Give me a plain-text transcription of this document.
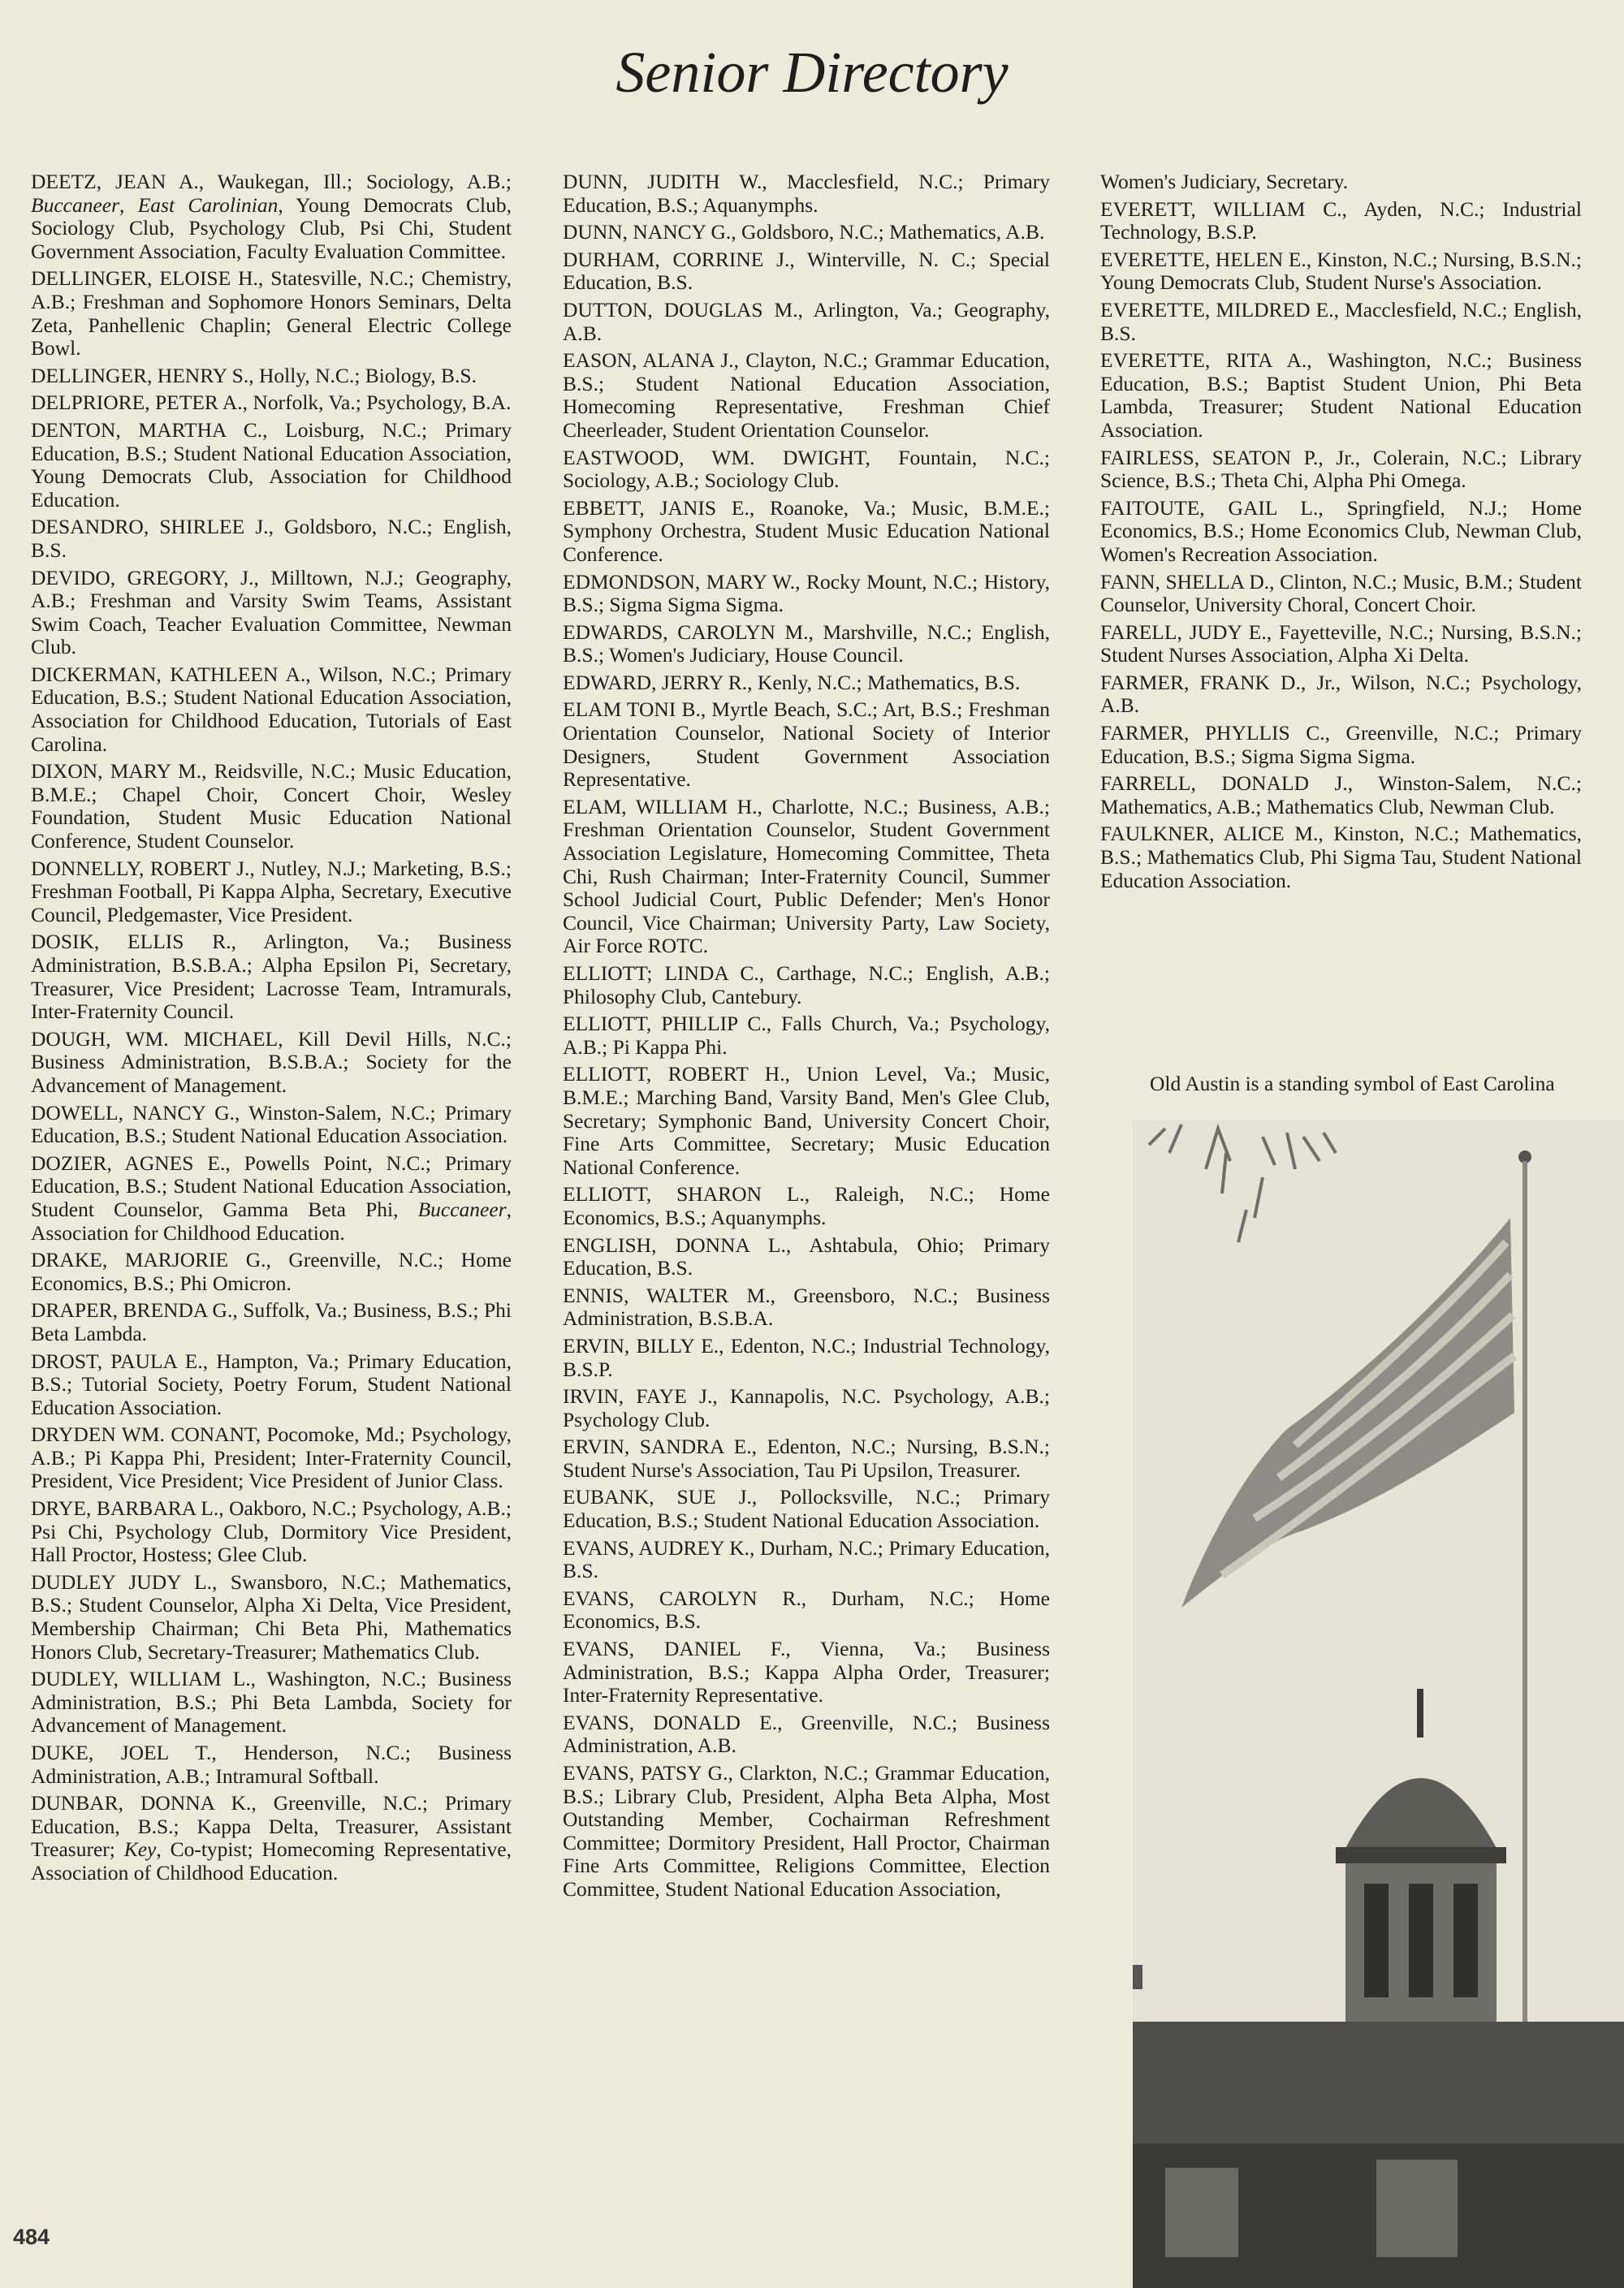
Senior Directory
DEETZ, JEAN A., Waukegan, Ill.; Sociology, A.B.; Buccaneer, East Carolinian, Young Democrats Club, Sociology Club, Psychology Club, Psi Chi, Student Government Association, Faculty Evaluation Committee.
DELLINGER, ELOISE H., Statesville, N.C.; Chemistry, A.B.; Freshman and Sophomore Honors Seminars, Delta Zeta, Panhellenic Chaplin; General Electric College Bowl.
DELLINGER, HENRY S., Holly, N.C.; Biology, B.S.
DELPRIORE, PETER A., Norfolk, Va.; Psychology, B.A.
DENTON, MARTHA C., Loisburg, N.C.; Primary Education, B.S.; Student National Education Association, Young Democrats Club, Association for Childhood Education.
DESANDRO, SHIRLEE J., Goldsboro, N.C.; English, B.S.
DEVIDO, GREGORY, J., Milltown, N.J.; Geography, A.B.; Freshman and Varsity Swim Teams, Assistant Swim Coach, Teacher Evaluation Committee, Newman Club.
DICKERMAN, KATHLEEN A., Wilson, N.C.; Primary Education, B.S.; Student National Education Association, Association for Childhood Education, Tutorials of East Carolina.
DIXON, MARY M., Reidsville, N.C.; Music Education, B.M.E.; Chapel Choir, Concert Choir, Wesley Foundation, Student Music Education National Conference, Student Counselor.
DONNELLY, ROBERT J., Nutley, N.J.; Marketing, B.S.; Freshman Football, Pi Kappa Alpha, Secretary, Executive Council, Pledgemaster, Vice President.
DOSIK, ELLIS R., Arlington, Va.; Business Administration, B.S.B.A.; Alpha Epsilon Pi, Secretary, Treasurer, Vice President; Lacrosse Team, Intramurals, Inter-Fraternity Council.
DOUGH, WM. MICHAEL, Kill Devil Hills, N.C.; Business Administration, B.S.B.A.; Society for the Advancement of Management.
DOWELL, NANCY G., Winston-Salem, N.C.; Primary Education, B.S.; Student National Education Association.
DOZIER, AGNES E., Powells Point, N.C.; Primary Education, B.S.; Student National Education Association, Student Counselor, Gamma Beta Phi, Buccaneer, Association for Childhood Education.
DRAKE, MARJORIE G., Greenville, N.C.; Home Economics, B.S.; Phi Omicron.
DRAPER, BRENDA G., Suffolk, Va.; Business, B.S.; Phi Beta Lambda.
DROST, PAULA E., Hampton, Va.; Primary Education, B.S.; Tutorial Society, Poetry Forum, Student National Education Association.
DRYDEN WM. CONANT, Pocomoke, Md.; Psychology, A.B.; Pi Kappa Phi, President; Inter-Fraternity Council, President, Vice President; Vice President of Junior Class.
DRYE, BARBARA L., Oakboro, N.C.; Psychology, A.B.; Psi Chi, Psychology Club, Dormitory Vice President, Hall Proctor, Hostess; Glee Club.
DUDLEY JUDY L., Swansboro, N.C.; Mathematics, B.S.; Student Counselor, Alpha Xi Delta, Vice President, Membership Chairman; Chi Beta Phi, Mathematics Honors Club, Secretary-Treasurer; Mathematics Club.
DUDLEY, WILLIAM L., Washington, N.C.; Business Administration, B.S.; Phi Beta Lambda, Society for Advancement of Management.
DUKE, JOEL T., Henderson, N.C.; Business Administration, A.B.; Intramural Softball.
DUNBAR, DONNA K., Greenville, N.C.; Primary Education, B.S.; Kappa Delta, Treasurer, Assistant Treasurer; Key, Co-typist; Homecoming Representative, Association of Childhood Education.
DUNN, JUDITH W., Macclesfield, N.C.; Primary Education, B.S.; Aquanymphs.
DUNN, NANCY G., Goldsboro, N.C.; Mathematics, A.B.
DURHAM, CORRINE J., Winterville, N. C.; Special Education, B.S.
DUTTON, DOUGLAS M., Arlington, Va.; Geography, A.B.
EASON, ALANA J., Clayton, N.C.; Grammar Education, B.S.; Student National Education Association, Homecoming Representative, Freshman Chief Cheerleader, Student Orientation Counselor.
EASTWOOD, WM. DWIGHT, Fountain, N.C.; Sociology, A.B.; Sociology Club.
EBBETT, JANIS E., Roanoke, Va.; Music, B.M.E.; Symphony Orchestra, Student Music Education National Conference.
EDMONDSON, MARY W., Rocky Mount, N.C.; History, B.S.; Sigma Sigma Sigma.
EDWARDS, CAROLYN M., Marshville, N.C.; English, B.S.; Women's Judiciary, House Council.
EDWARD, JERRY R., Kenly, N.C.; Mathematics, B.S.
ELAM TONI B., Myrtle Beach, S.C.; Art, B.S.; Freshman Orientation Counselor, National Society of Interior Designers, Student Government Association Representative.
ELAM, WILLIAM H., Charlotte, N.C.; Business, A.B.; Freshman Orientation Counselor, Student Government Association Legislature, Homecoming Committee, Theta Chi, Rush Chairman; Inter-Fraternity Council, Summer School Judicial Court, Public Defender; Men's Honor Council, Vice Chairman; University Party, Law Society, Air Force ROTC.
ELLIOTT; LINDA C., Carthage, N.C.; English, A.B.; Philosophy Club, Cantebury.
ELLIOTT, PHILLIP C., Falls Church, Va.; Psychology, A.B.; Pi Kappa Phi.
ELLIOTT, ROBERT H., Union Level, Va.; Music, B.M.E.; Marching Band, Varsity Band, Men's Glee Club, Secretary; Symphonic Band, University Concert Choir, Fine Arts Committee, Secretary; Music Education National Conference.
ELLIOTT, SHARON L., Raleigh, N.C.; Home Economics, B.S.; Aquanymphs.
ENGLISH, DONNA L., Ashtabula, Ohio; Primary Education, B.S.
ENNIS, WALTER M., Greensboro, N.C.; Business Administration, B.S.B.A.
ERVIN, BILLY E., Edenton, N.C.; Industrial Technology, B.S.P.
IRVIN, FAYE J., Kannapolis, N.C. Psychology, A.B.; Psychology Club.
ERVIN, SANDRA E., Edenton, N.C.; Nursing, B.S.N.; Student Nurse's Association, Tau Pi Upsilon, Treasurer.
EUBANK, SUE J., Pollocksville, N.C.; Primary Education, B.S.; Student National Education Association.
EVANS, AUDREY K., Durham, N.C.; Primary Education, B.S.
EVANS, CAROLYN R., Durham, N.C.; Home Economics, B.S.
EVANS, DANIEL F., Vienna, Va.; Business Administration, B.S.; Kappa Alpha Order, Treasurer; Inter-Fraternity Representative.
EVANS, DONALD E., Greenville, N.C.; Business Administration, A.B.
EVANS, PATSY G., Clarkton, N.C.; Grammar Education, B.S.; Library Club, President, Alpha Beta Alpha, Most Outstanding Member, Cochairman Refreshment Committee; Dormitory President, Hall Proctor, Chairman Fine Arts Committee, Religions Committee, Election Committee, Student National Education Association,
Women's Judiciary, Secretary.
EVERETT, WILLIAM C., Ayden, N.C.; Industrial Technology, B.S.P.
EVERETTE, HELEN E., Kinston, N.C.; Nursing, B.S.N.; Young Democrats Club, Student Nurse's Association.
EVERETTE, MILDRED E., Macclesfield, N.C.; English, B.S.
EVERETTE, RITA A., Washington, N.C.; Business Education, B.S.; Baptist Student Union, Phi Beta Lambda, Treasurer; Student National Education Association.
FAIRLESS, SEATON P., Jr., Colerain, N.C.; Library Science, B.S.; Theta Chi, Alpha Phi Omega.
FAITOUTE, GAIL L., Springfield, N.J.; Home Economics, B.S.; Home Economics Club, Newman Club, Women's Recreation Association.
FANN, SHELLA D., Clinton, N.C.; Music, B.M.; Student Counselor, University Choral, Concert Choir.
FARELL, JUDY E., Fayetteville, N.C.; Nursing, B.S.N.; Student Nurses Association, Alpha Xi Delta.
FARMER, FRANK D., Jr., Wilson, N.C.; Psychology, A.B.
FARMER, PHYLLIS C., Greenville, N.C.; Primary Education, B.S.; Sigma Sigma Sigma.
FARRELL, DONALD J., Winston-Salem, N.C.; Mathematics, A.B.; Mathematics Club, Newman Club.
FAULKNER, ALICE M., Kinston, N.C.; Mathematics, B.S.; Mathematics Club, Phi Sigma Tau, Student National Education Association.
Old Austin is a standing symbol of East Carolina
484
